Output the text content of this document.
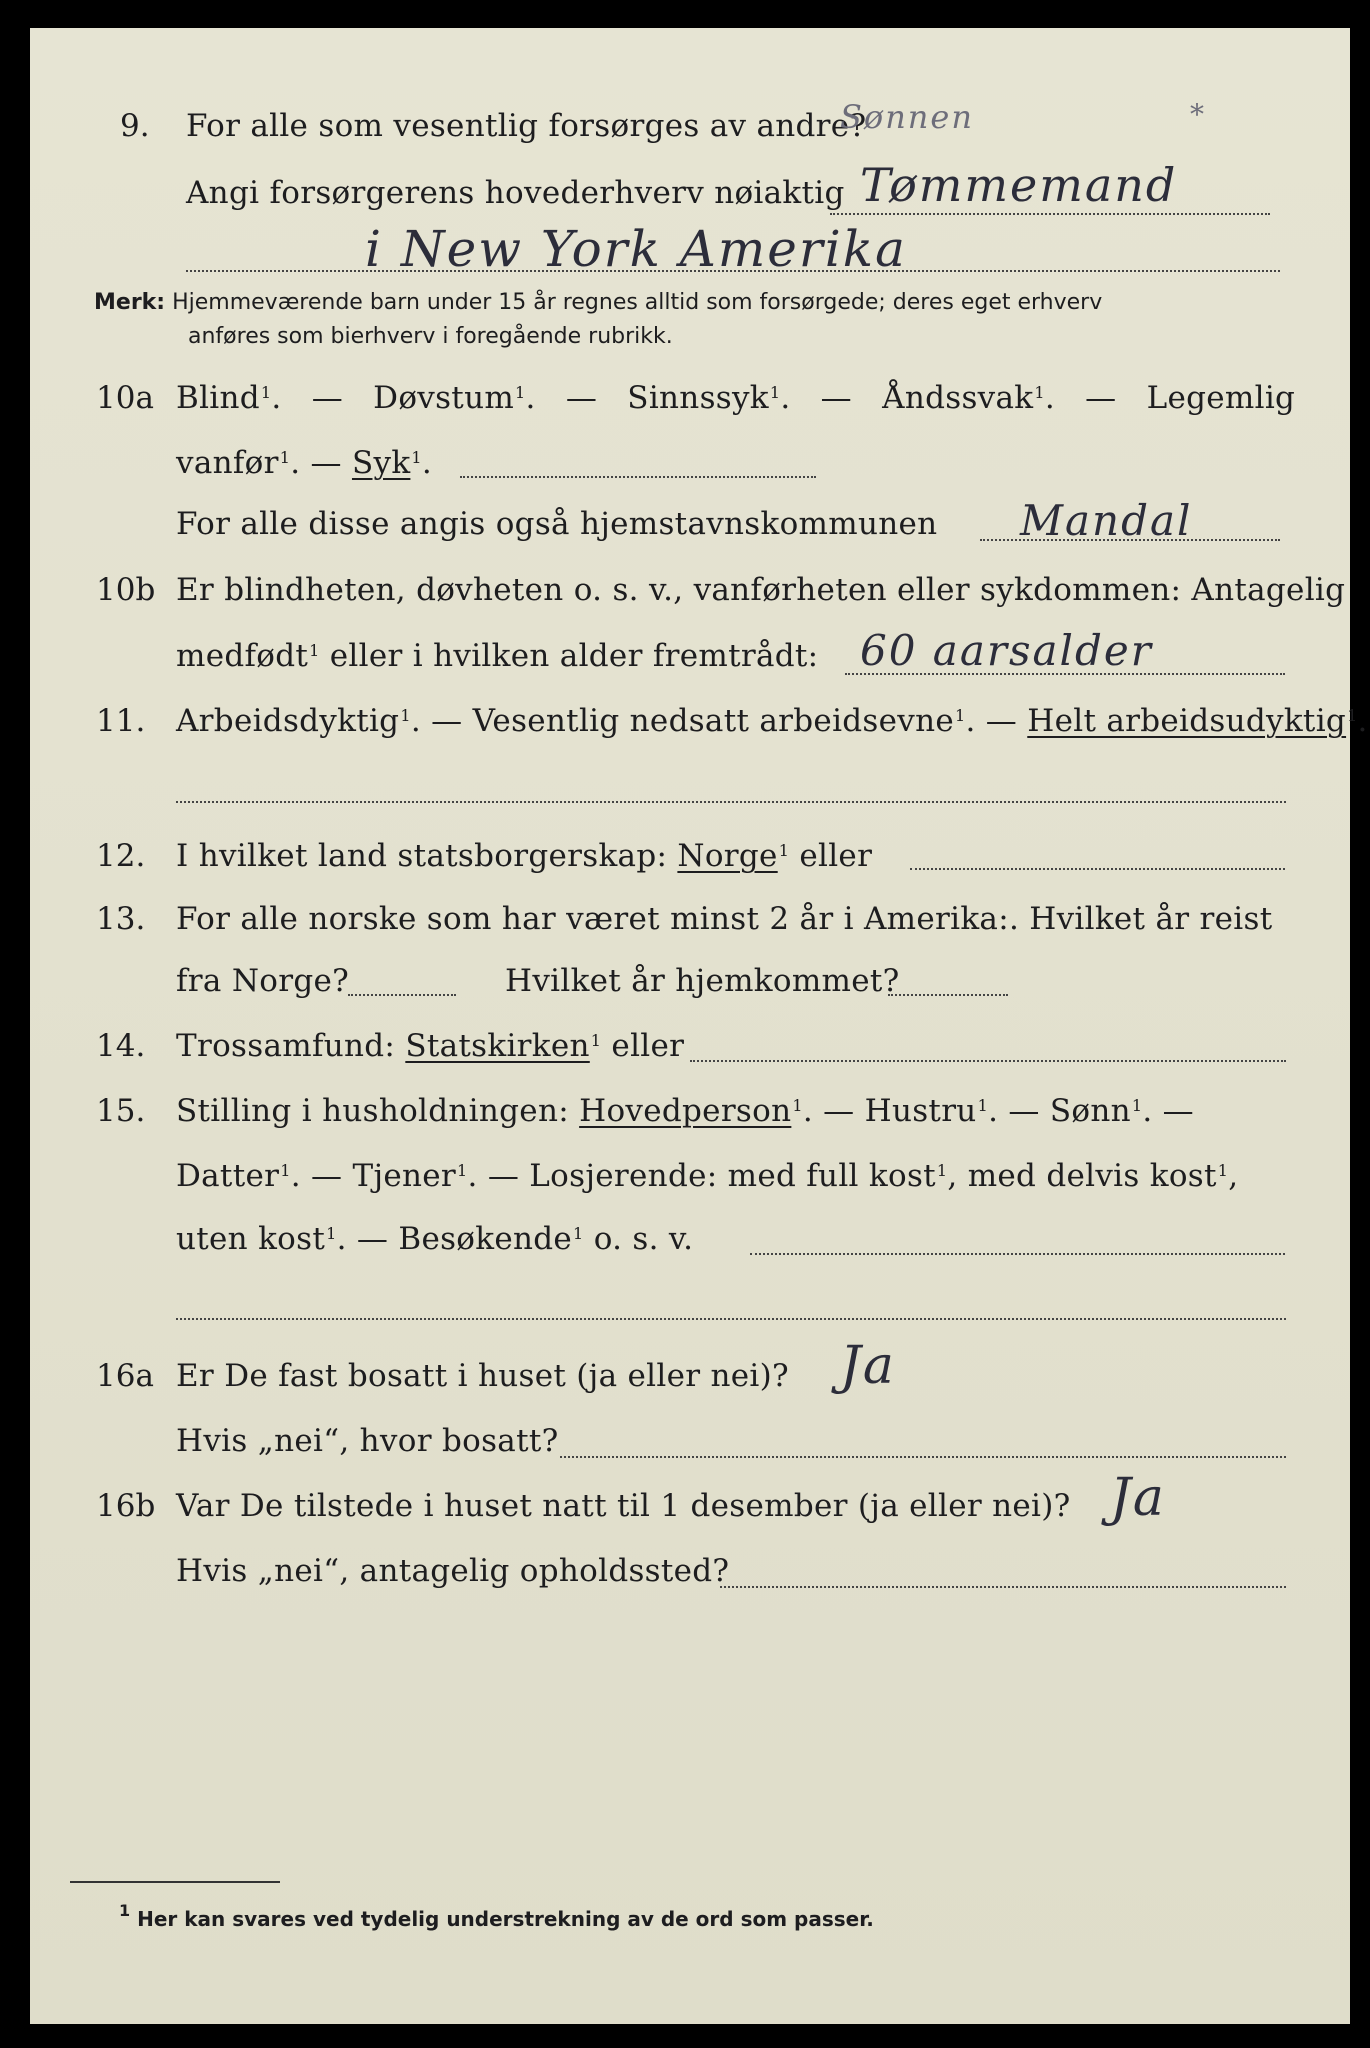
9. For alle som vesentlig forsørges av andre?
Sønnen	*
Angi forsørgerens hovederhverv nøiaktig Tømmemand
i New York Amerika
Merk: Hjemmeværende barn under 15 år regnes alltid som forsørgede; deres eget erhverv
anføres som bierhverv i foregående rubrikk.
10a Blind$^1$. — Døvstum$^1$. — Sinnssyk$^1$. — Åndssvak$^1$. — Legemlig
vanfør$^1$. — Syk$^1$.
For alle disse angis også hjemstavnskommunen Mandal
10b Er blindheten, døvheten o. s. v., vanførheten eller sykdommen: Antagelig
medfødt$^1$ eller i hvilken alder fremtrådt: 60 aarsalder
11. Arbeidsdyktig$^1$. — Vesentlig nedsatt arbeidsevne$^1$. — Helt arbeidsudyktig$^1$.
12. I hvilket land statsborgerskap: Norge$^1$ eller
13. For alle norske som har været minst 2 år i Amerika:. Hvilket år reist
fra Norge?	Hvilket år hjemkommet?
14. Trossamfund: Statskirken$^1$ eller
15. Stilling i husholdningen: Hovedperson$^1$. — Hustru$^1$. — Sønn$^1$. —
Datter$^1$. — Tjener$^1$. — Losjerende: med full kost$^1$, med delvis kost$^1$,
uten kost$^1$. — Besøkende$^1$ o. s. v.
16a Er De fast bosatt i huset (ja eller nei)? Ja
Hvis „nei“, hvor bosatt?
16b Var De tilstede i huset natt til 1 desember (ja eller nei)? Ja
Hvis „nei“, antagelig opholdssted?
$^1$ Her kan svares ved tydelig understrekning av de ord som passer.
